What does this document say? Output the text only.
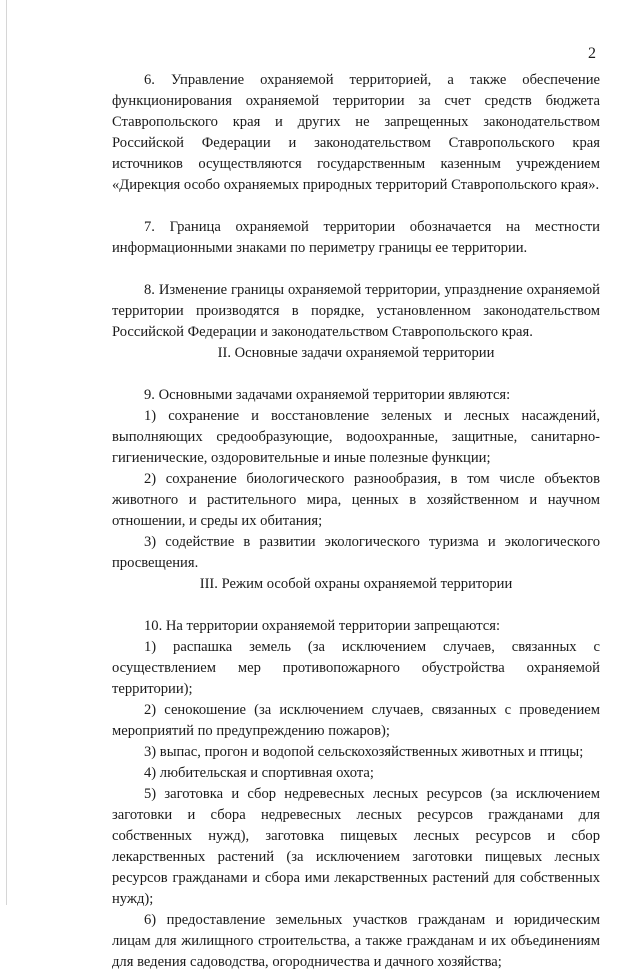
2

6. Управление охраняемой территорией, а также обеспечение функционирования охраняемой территории за счет средств бюджета Ставропольского края и других не запрещенных законодательством Российской Федерации и законодательством Ставропольского края источников осуществляются государственным казенным учреждением «Дирекция особо охраняемых природных территорий Ставропольского края».

7. Граница охраняемой территории обозначается на местности информационными знаками по периметру границы ее территории.

8. Изменение границы охраняемой территории, упразднение охраняемой территории производятся в порядке, установленном законодательством Российской Федерации и законодательством Ставропольского края.

II. Основные задачи охраняемой территории

9. Основными задачами охраняемой территории являются:

1) сохранение и восстановление зеленых и лесных насаждений, выполняющих средообразующие, водоохранные, защитные, санитарно-гигиенические, оздоровительные и иные полезные функции;

2) сохранение биологического разнообразия, в том числе объектов животного и растительного мира, ценных в хозяйственном и научном отношении, и среды их обитания;

3) содействие в развитии экологического туризма и экологического просвещения.

III. Режим особой охраны охраняемой территории

10. На территории охраняемой территории запрещаются:

1) распашка земель (за исключением случаев, связанных с осуществлением мер противопожарного обустройства охраняемой территории);

2) сенокошение (за исключением случаев, связанных с проведением мероприятий по предупреждению пожаров);

3) выпас, прогон и водопой сельскохозяйственных животных и птицы;

4) любительская и спортивная охота;

5) заготовка и сбор недревесных лесных ресурсов (за исключением заготовки и сбора недревесных лесных ресурсов гражданами для собственных нужд), заготовка пищевых лесных ресурсов и сбор лекарственных растений (за исключением заготовки пищевых лесных ресурсов гражданами и сбора ими лекарственных растений для собственных нужд);

6) предоставление земельных участков гражданам и юридическим лицам для жилищного строительства, а также гражданам и их объединениям для ведения садоводства, огородничества и дачного хозяйства;
